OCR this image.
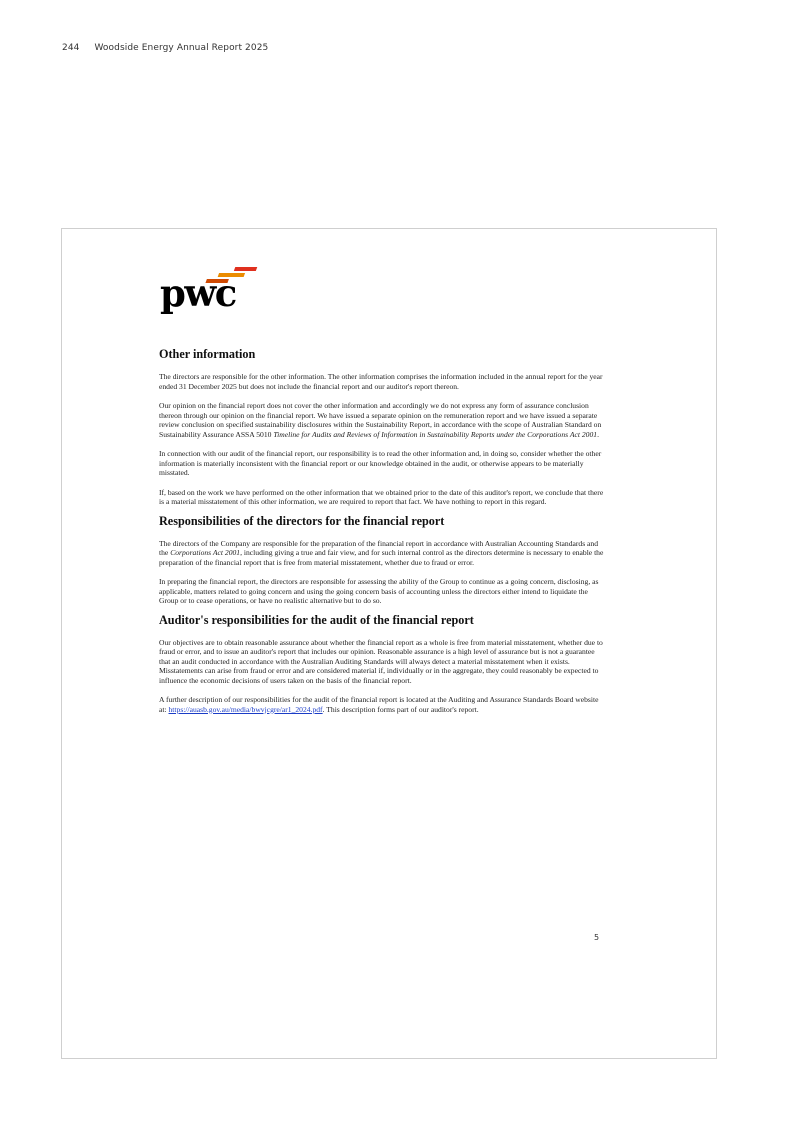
244 Woodside Energy Annual Report 2025
pwc
Other information

The directors are responsible for the other information. The other information comprises the information included in the annual report for the year ended 31 December 2025 but does not include the financial report and our auditor's report thereon.

Our opinion on the financial report does not cover the other information and accordingly we do not express any form of assurance conclusion thereon through our opinion on the financial report. We have issued a separate opinion on the remuneration report and we have issued a separate review conclusion on specified sustainability disclosures within the Sustainability Report, in accordance with the scope of Australian Standard on Sustainability Assurance ASSA 5010 Timeline for Audits and Reviews of Information in Sustainability Reports under the Corporations Act 2001.

In connection with our audit of the financial report, our responsibility is to read the other information and, in doing so, consider whether the other information is materially inconsistent with the financial report or our knowledge obtained in the audit, or otherwise appears to be materially misstated.

If, based on the work we have performed on the other information that we obtained prior to the date of this auditor's report, we conclude that there is a material misstatement of this other information, we are required to report that fact. We have nothing to report in this regard.

Responsibilities of the directors for the financial report

The directors of the Company are responsible for the preparation of the financial report in accordance with Australian Accounting Standards and the Corporations Act 2001, including giving a true and fair view, and for such internal control as the directors determine is necessary to enable the preparation of the financial report that is free from material misstatement, whether due to fraud or error.

In preparing the financial report, the directors are responsible for assessing the ability of the Group to continue as a going concern, disclosing, as applicable, matters related to going concern and using the going concern basis of accounting unless the directors either intend to liquidate the Group or to cease operations, or have no realistic alternative but to do so.

Auditor's responsibilities for the audit of the financial report

Our objectives are to obtain reasonable assurance about whether the financial report as a whole is free from material misstatement, whether due to fraud or error, and to issue an auditor's report that includes our opinion. Reasonable assurance is a high level of assurance but is not a guarantee that an audit conducted in accordance with the Australian Auditing Standards will always detect a material misstatement when it exists. Misstatements can arise from fraud or error and are considered material if, individually or in the aggregate, they could reasonably be expected to influence the economic decisions of users taken on the basis of the financial report.

A further description of our responsibilities for the audit of the financial report is located at the Auditing and Assurance Standards Board website at: https://auasb.gov.au/media/bwvjcgre/ar1_2024.pdf. This description forms part of our auditor's report.

5
